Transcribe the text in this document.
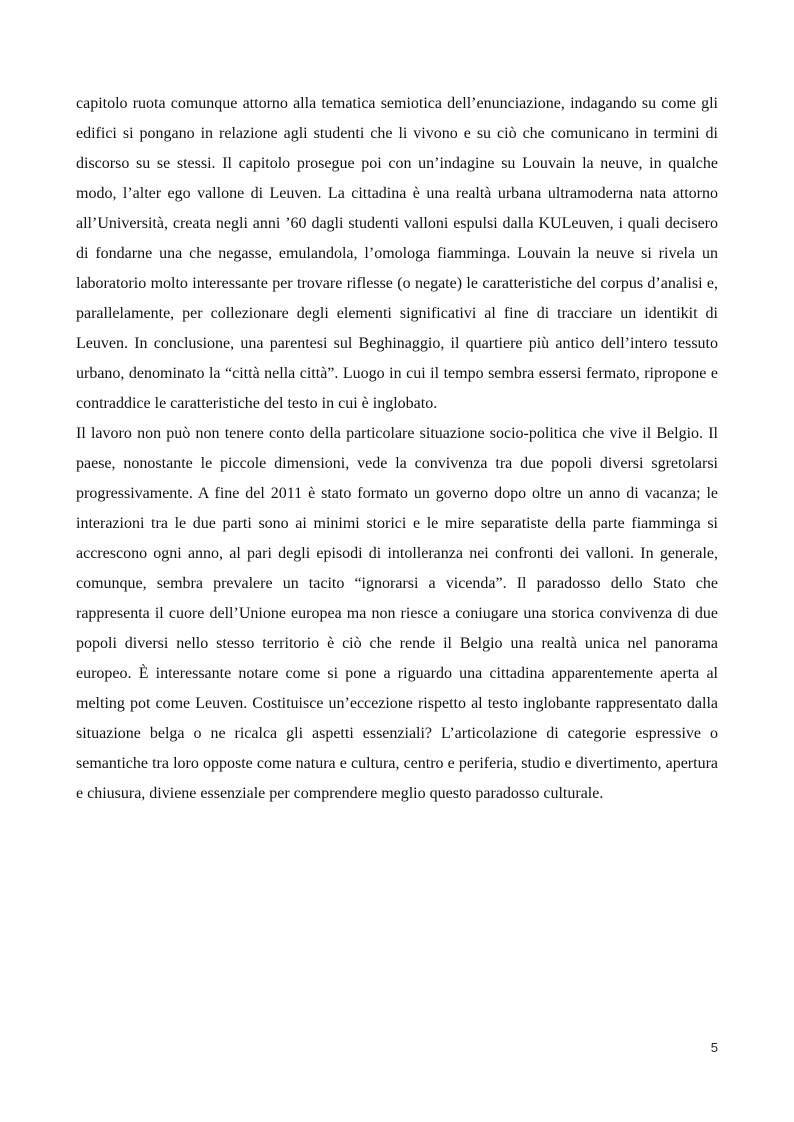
capitolo ruota comunque attorno alla tematica semiotica dell’enunciazione, indagando su come gli edifici si pongano in relazione agli studenti che li vivono e su ciò che comunicano in termini di discorso su se stessi. Il capitolo prosegue poi con un’indagine su Louvain la neuve, in qualche modo, l’alter ego vallone di Leuven. La cittadina è una realtà urbana ultramoderna nata attorno all’Università, creata negli anni ’60 dagli studenti valloni espulsi dalla KULeuven, i quali decisero di fondarne una che negasse, emulandola, l’omologa fiamminga. Louvain la neuve si rivela un laboratorio molto interessante per trovare riflesse (o negate) le caratteristiche del corpus d’analisi e, parallelamente, per collezionare degli elementi significativi al fine di tracciare un identikit di Leuven. In conclusione, una parentesi sul Beghinaggio, il quartiere più antico dell’intero tessuto urbano, denominato la “città nella città”. Luogo in cui il tempo sembra essersi fermato, ripropone e contraddice le caratteristiche del testo in cui è inglobato.

Il lavoro non può non tenere conto della particolare situazione socio-politica che vive il Belgio. Il paese, nonostante le piccole dimensioni, vede la convivenza tra due popoli diversi sgretolarsi progressivamente. A fine del 2011 è stato formato un governo dopo oltre un anno di vacanza; le interazioni tra le due parti sono ai minimi storici e le mire separatiste della parte fiamminga si accrescono ogni anno, al pari degli episodi di intolleranza nei confronti dei valloni. In generale, comunque, sembra prevalere un tacito “ignorarsi a vicenda”. Il paradosso dello Stato che rappresenta il cuore dell’Unione europea ma non riesce a coniugare una storica convivenza di due popoli diversi nello stesso territorio è ciò che rende il Belgio una realtà unica nel panorama europeo. È interessante notare come si pone a riguardo una cittadina apparentemente aperta al melting pot come Leuven. Costituisce un’eccezione rispetto al testo inglobante rappresentato dalla situazione belga o ne ricalca gli aspetti essenziali? L’articolazione di categorie espressive o semantiche tra loro opposte come natura e cultura, centro e periferia, studio e divertimento, apertura e chiusura, diviene essenziale per comprendere meglio questo paradosso culturale.

5
